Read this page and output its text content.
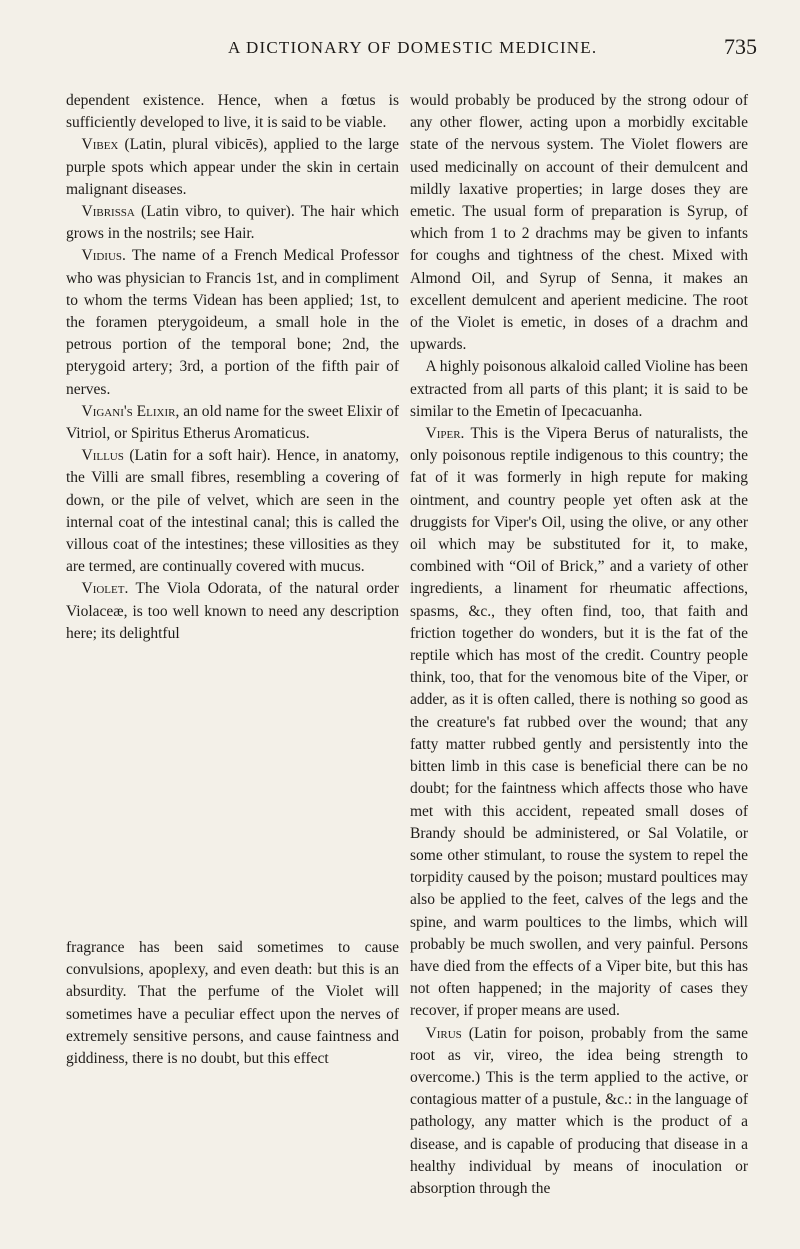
A DICTIONARY OF DOMESTIC MEDICINE.	735

dependent existence. Hence, when a fœtus is sufficiently developed to live, it is said to be viable.

 Vibex (Latin, plural vibicēs), applied to the large purple spots which appear under the skin in certain malignant diseases.

 Vibrissa (Latin vibro, to quiver). The hair which grows in the nostrils; see Hair.

 Vidius. The name of a French Medical Professor who was physician to Francis 1st, and in compliment to whom the terms Videan has been applied; 1st, to the foramen pterygoideum, a small hole in the petrous portion of the temporal bone; 2nd, the pterygoid artery; 3rd, a portion of the fifth pair of nerves.

 Vigani's Elixir, an old name for the sweet Elixir of Vitriol, or Spiritus Etherus Aromaticus.

 Villus (Latin for a soft hair). Hence, in anatomy, the Villi are small fibres, resembling a covering of down, or the pile of velvet, which are seen in the internal coat of the intestinal canal; this is called the villous coat of the intestines; these villosities as they are termed, are continually covered with mucus.

 Violet. The Viola Odorata, of the natural order Violaceæ, is too well known to need any description here; its delightful

fragrance has been said sometimes to cause convulsions, apoplexy, and even death: but this is an absurdity. That the perfume of the Violet will sometimes have a peculiar effect upon the nerves of extremely sensitive persons, and cause faintness and giddiness, there is no doubt, but this effect

would probably be produced by the strong odour of any other flower, acting upon a morbidly excitable state of the nervous system. The Violet flowers are used medicinally on account of their demulcent and mildly laxative properties; in large doses they are emetic. The usual form of preparation is Syrup, of which from 1 to 2 drachms may be given to infants for coughs and tightness of the chest. Mixed with Almond Oil, and Syrup of Senna, it makes an excellent demulcent and aperient medicine. The root of the Violet is emetic, in doses of a drachm and upwards.

 A highly poisonous alkaloid called Violine has been extracted from all parts of this plant; it is said to be similar to the Emetin of Ipecacuanha.

 Viper. This is the Vipera Berus of naturalists, the only poisonous reptile indigenous to this country; the fat of it was formerly in high repute for making ointment, and country people yet often ask at the druggists for Viper's Oil, using the olive, or any other oil which may be substituted for it, to make, combined with “Oil of Brick,” and a variety of other ingredients, a linament for rheumatic affections, spasms, &c., they often find, too, that faith and friction together do wonders, but it is the fat of the reptile which has most of the credit. Country people think, too, that for the venomous bite of the Viper, or adder, as it is often called, there is nothing so good as the creature's fat rubbed over the wound; that any fatty matter rubbed gently and persistently into the bitten limb in this case is beneficial there can be no doubt; for the faintness which affects those who have met with this accident, repeated small doses of Brandy should be administered, or Sal Volatile, or some other stimulant, to rouse the system to repel the torpidity caused by the poison; mustard poultices may also be applied to the feet, calves of the legs and the spine, and warm poultices to the limbs, which will probably be much swollen, and very painful. Persons have died from the effects of a Viper bite, but this has not often happened; in the majority of cases they recover, if proper means are used.

 Virus (Latin for poison, probably from the same root as vir, vireo, the idea being strength to overcome.) This is the term applied to the active, or contagious matter of a pustule, &c.: in the language of pathology, any matter which is the product of a disease, and is capable of producing that disease in a healthy individual by means of inoculation or absorption through the
